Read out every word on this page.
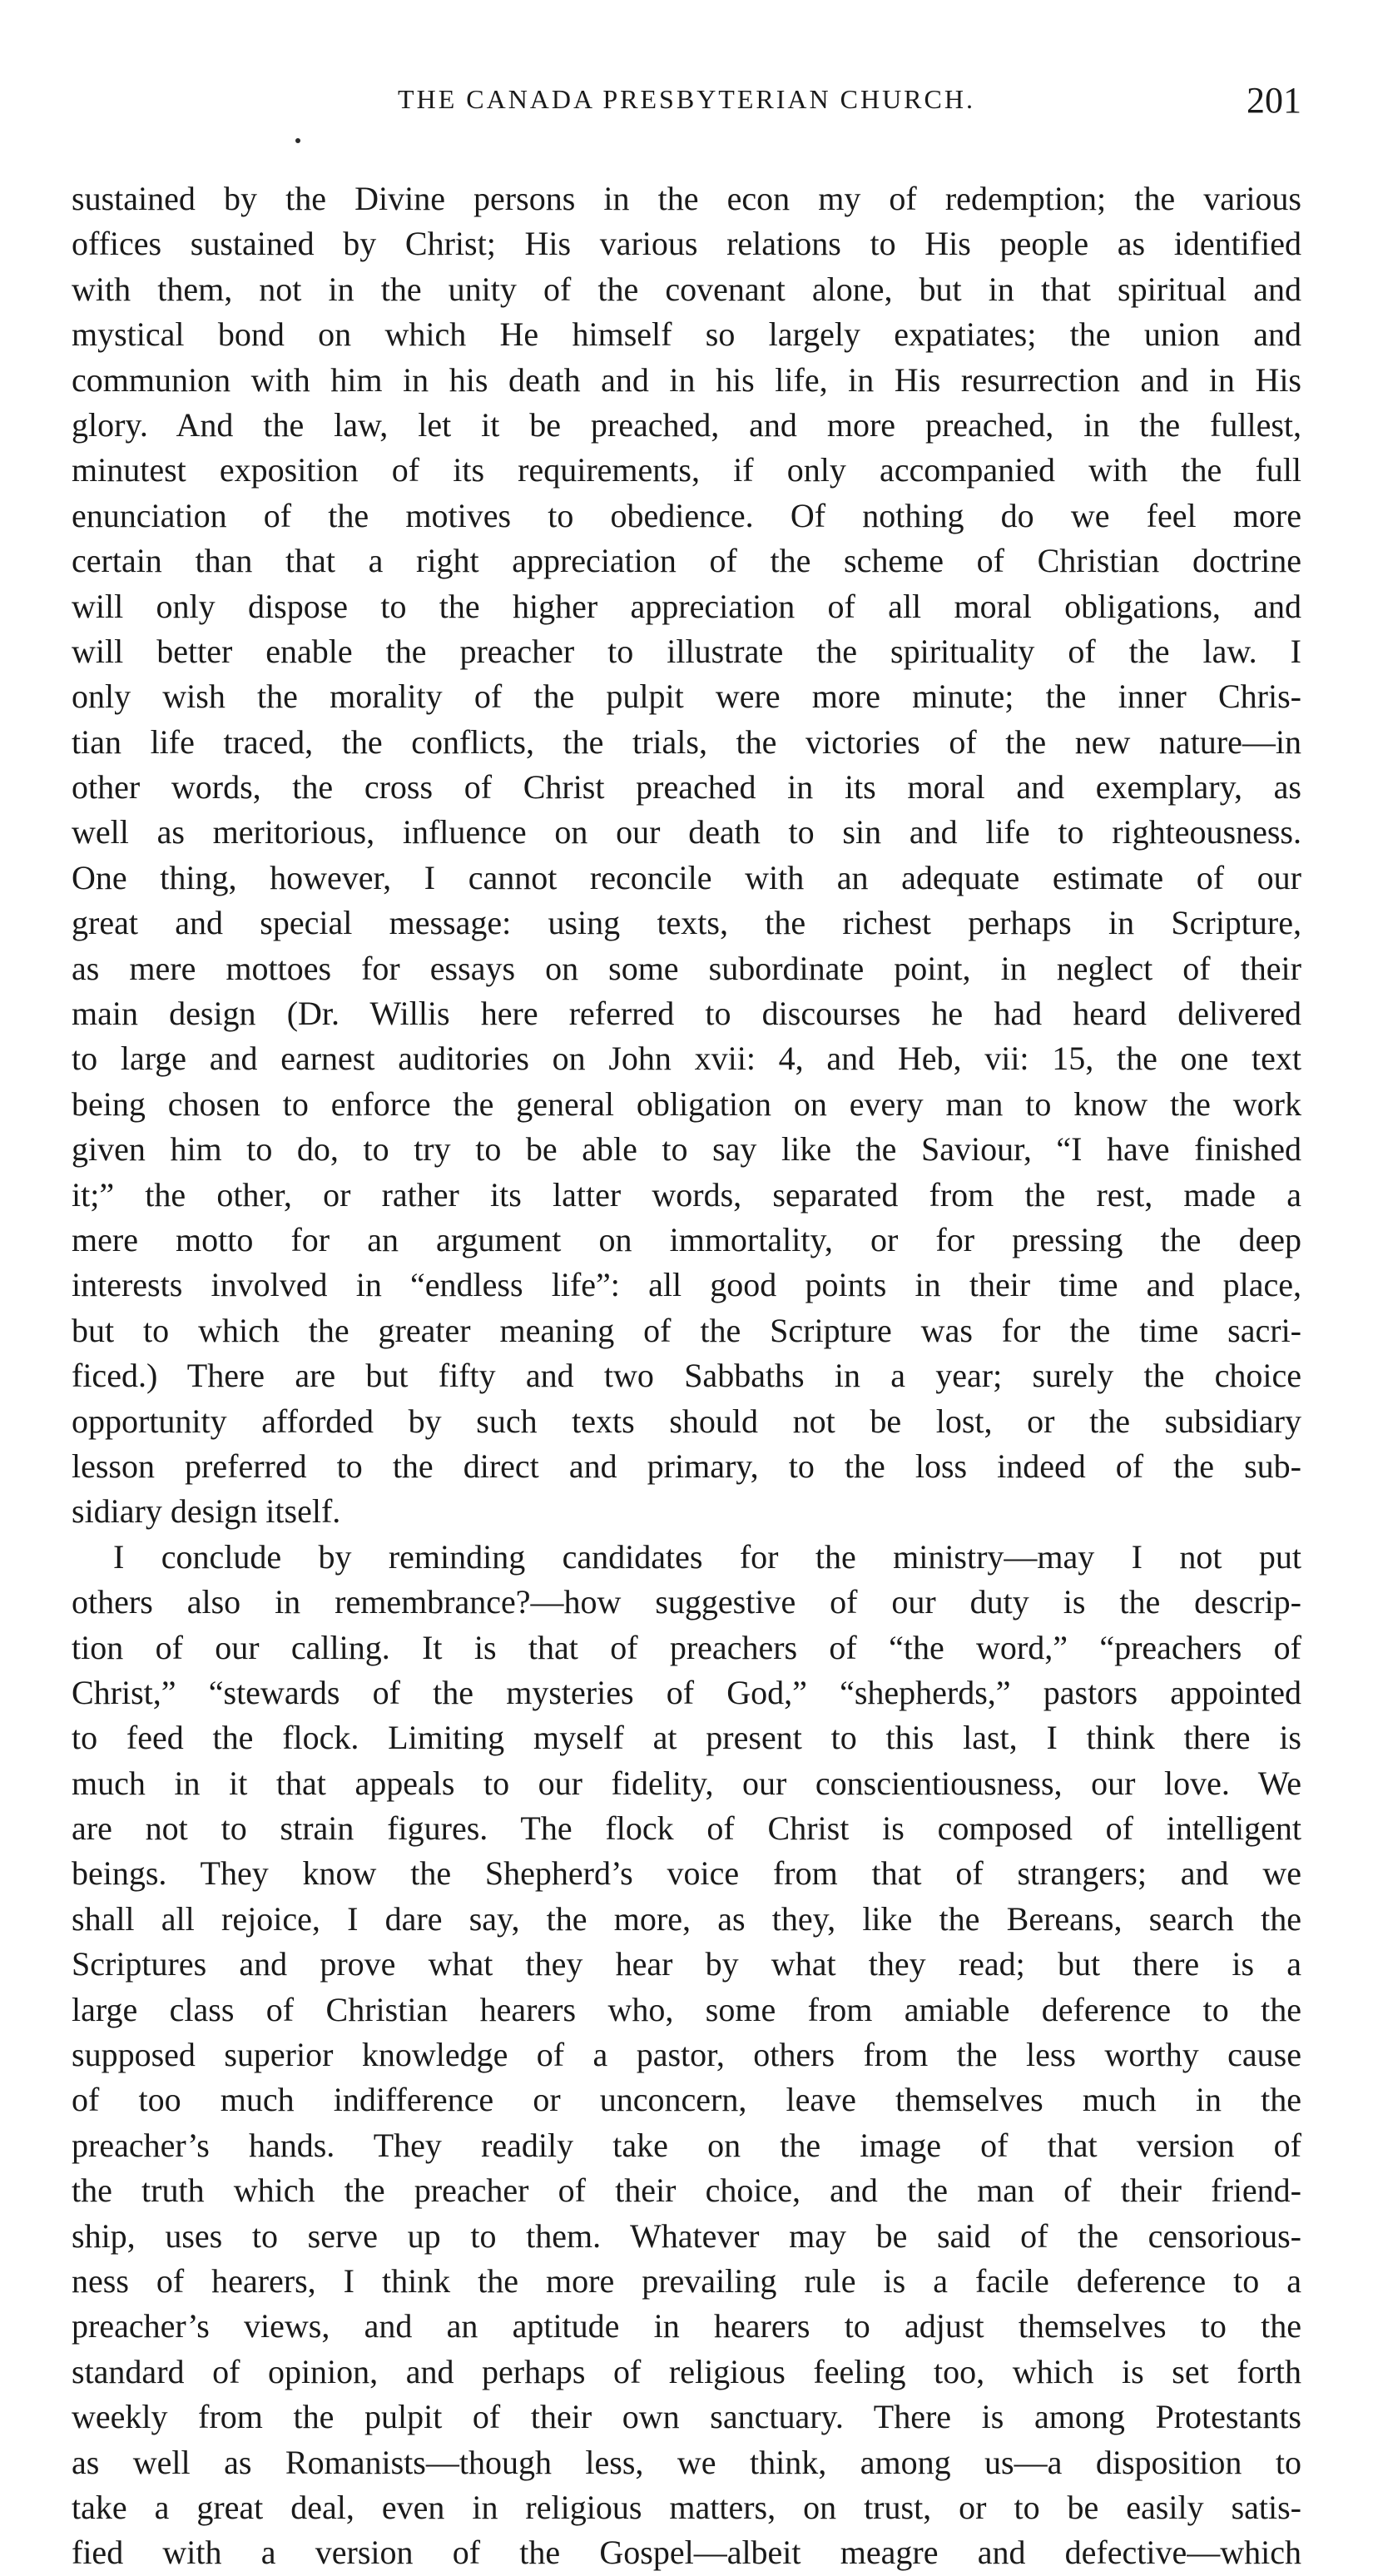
THE CANADA PRESBYTERIAN CHURCH.	201
sustained by the Divine persons in the econ my of redemption; the various
offices sustained by Christ; His various relations to His people as identified
with them, not in the unity of the covenant alone, but in that spiritual and
mystical bond on which He himself so largely expatiates; the union and
communion with him in his death and in his life, in His resurrection and in His
glory. And the law, let it be preached, and more preached, in the fullest,
minutest exposition of its requirements, if only accompanied with the full
enunciation of the motives to obedience. Of nothing do we feel more
certain than that a right appreciation of the scheme of Christian doctrine
will only dispose to the higher appreciation of all moral obligations, and
will better enable the preacher to illustrate the spirituality of the law. I
only wish the morality of the pulpit were more minute; the inner Chris-
tian life traced, the conflicts, the trials, the victories of the new nature—in
other words, the cross of Christ preached in its moral and exemplary, as
well as meritorious, influence on our death to sin and life to righteousness.
One thing, however, I cannot reconcile with an adequate estimate of our
great and special message: using texts, the richest perhaps in Scripture,
as mere mottoes for essays on some subordinate point, in neglect of their
main design (Dr. Willis here referred to discourses he had heard delivered
to large and earnest auditories on John xvii: 4, and Heb, vii: 15, the one text
being chosen to enforce the general obligation on every man to know the work
given him to do, to try to be able to say like the Saviour, “I have finished
it;” the other, or rather its latter words, separated from the rest, made a
mere motto for an argument on immortality, or for pressing the deep
interests involved in “endless life”: all good points in their time and place,
but to which the greater meaning of the Scripture was for the time sacri-
ficed.) There are but fifty and two Sabbaths in a year; surely the choice
opportunity afforded by such texts should not be lost, or the subsidiary
lesson preferred to the direct and primary, to the loss indeed of the sub-
sidiary design itself.
I conclude by reminding candidates for the ministry—may I not put
others also in remembrance?—how suggestive of our duty is the descrip-
tion of our calling. It is that of preachers of “the word,” “preachers of
Christ,” “stewards of the mysteries of God,” “shepherds,” pastors appointed
to feed the flock. Limiting myself at present to this last, I think there is
much in it that appeals to our fidelity, our conscientiousness, our love. We
are not to strain figures. The flock of Christ is composed of intelligent
beings. They know the Shepherd’s voice from that of strangers; and we
shall all rejoice, I dare say, the more, as they, like the Bereans, search the
Scriptures and prove what they hear by what they read; but there is a
large class of Christian hearers who, some from amiable deference to the
supposed superior knowledge of a pastor, others from the less worthy cause
of too much indifference or unconcern, leave themselves much in the
preacher’s hands. They readily take on the image of that version of
the truth which the preacher of their choice, and the man of their friend-
ship, uses to serve up to them. Whatever may be said of the censorious-
ness of hearers, I think the more prevailing rule is a facile deference to a
preacher’s views, and an aptitude in hearers to adjust themselves to the
standard of opinion, and perhaps of religious feeling too, which is set forth
weekly from the pulpit of their own sanctuary. There is among Protestants
as well as Romanists—though less, we think, among us—a disposition to
take a great deal, even in religious matters, on trust, or to be easily satis-
fied with a version of the Gospel—albeit meagre and defective—which
